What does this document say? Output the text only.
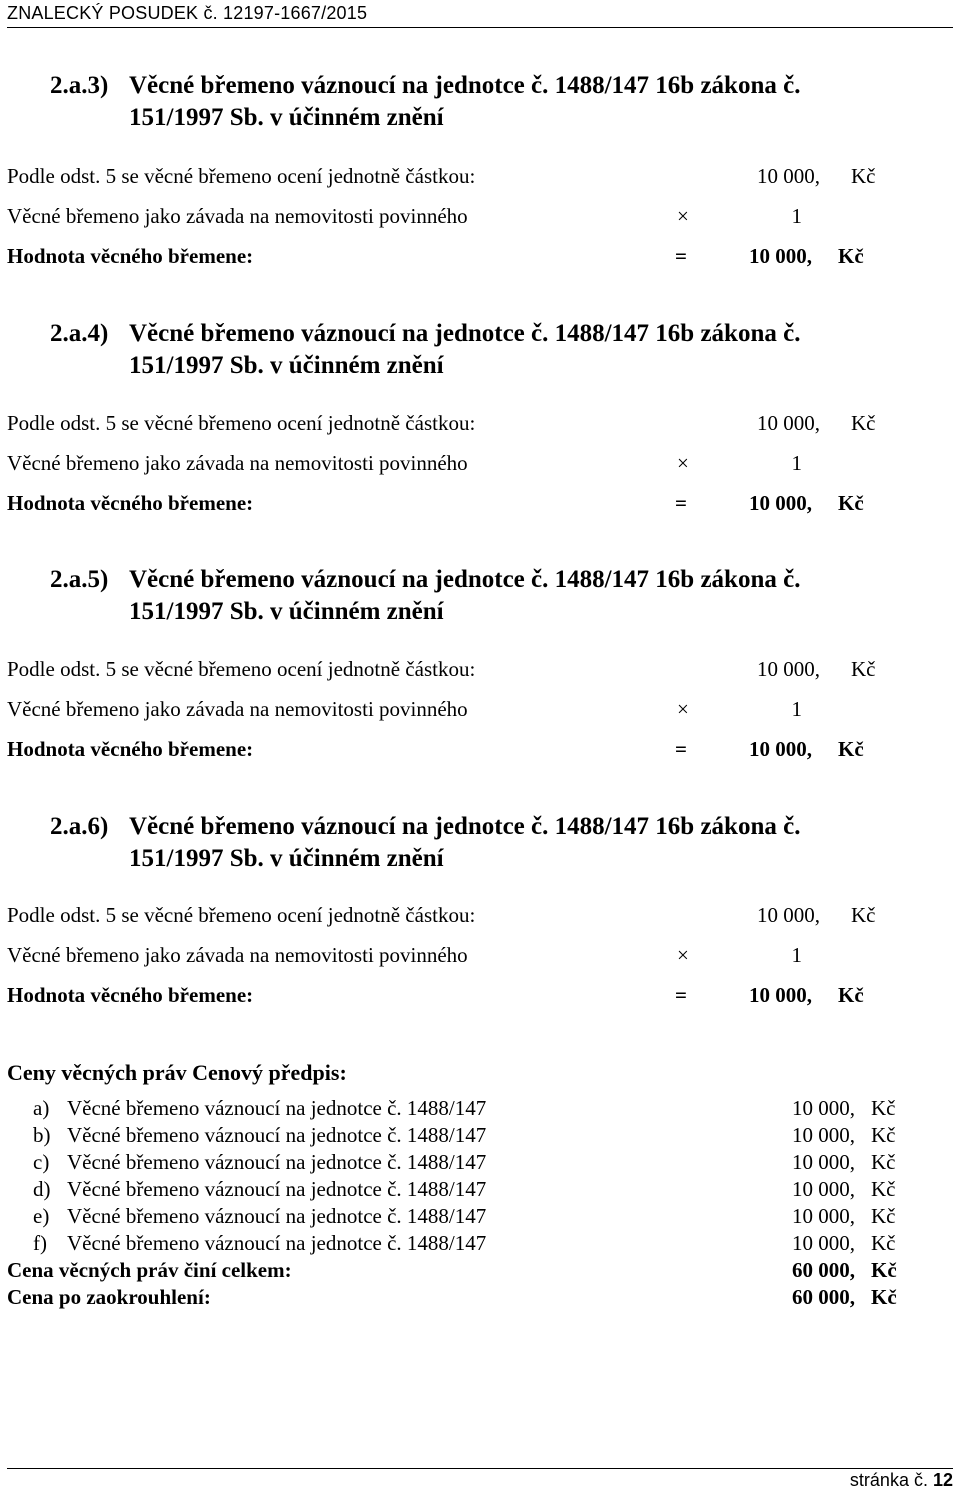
ZNALECKÝ POSUDEK č. 12197-1667/2015
2.a.3) Věcné břemeno váznoucí na jednotce č. 1488/147 16b zákona č.
151/1997 Sb. v účinném znění
Podle odst. 5 se věcné břemeno ocení jednotně částkou:	10 000, Kč
Věcné břemeno jako závada na nemovitosti povinného	×	1
Hodnota věcného břemene:	=	10 000, Kč
2.a.4) Věcné břemeno váznoucí na jednotce č. 1488/147 16b zákona č.
151/1997 Sb. v účinném znění
Podle odst. 5 se věcné břemeno ocení jednotně částkou:	10 000, Kč
Věcné břemeno jako závada na nemovitosti povinného	×	1
Hodnota věcného břemene:	=	10 000, Kč
2.a.5) Věcné břemeno váznoucí na jednotce č. 1488/147 16b zákona č.
151/1997 Sb. v účinném znění
Podle odst. 5 se věcné břemeno ocení jednotně částkou:	10 000, Kč
Věcné břemeno jako závada na nemovitosti povinného	×	1
Hodnota věcného břemene:	=	10 000, Kč
2.a.6) Věcné břemeno váznoucí na jednotce č. 1488/147 16b zákona č.
151/1997 Sb. v účinném znění
Podle odst. 5 se věcné břemeno ocení jednotně částkou:	10 000, Kč
Věcné břemeno jako závada na nemovitosti povinného	×	1
Hodnota věcného břemene:	=	10 000, Kč
Ceny věcných práv Cenový předpis:
a) Věcné břemeno váznoucí na jednotce č. 1488/147	10 000, Kč
b) Věcné břemeno váznoucí na jednotce č. 1488/147	10 000, Kč
c) Věcné břemeno váznoucí na jednotce č. 1488/147	10 000, Kč
d) Věcné břemeno váznoucí na jednotce č. 1488/147	10 000, Kč
e) Věcné břemeno váznoucí na jednotce č. 1488/147	10 000, Kč
f) Věcné břemeno váznoucí na jednotce č. 1488/147	10 000, Kč
Cena věcných práv činí celkem:	60 000, Kč
Cena po zaokrouhlení:	60 000, Kč
stránka č. 12
